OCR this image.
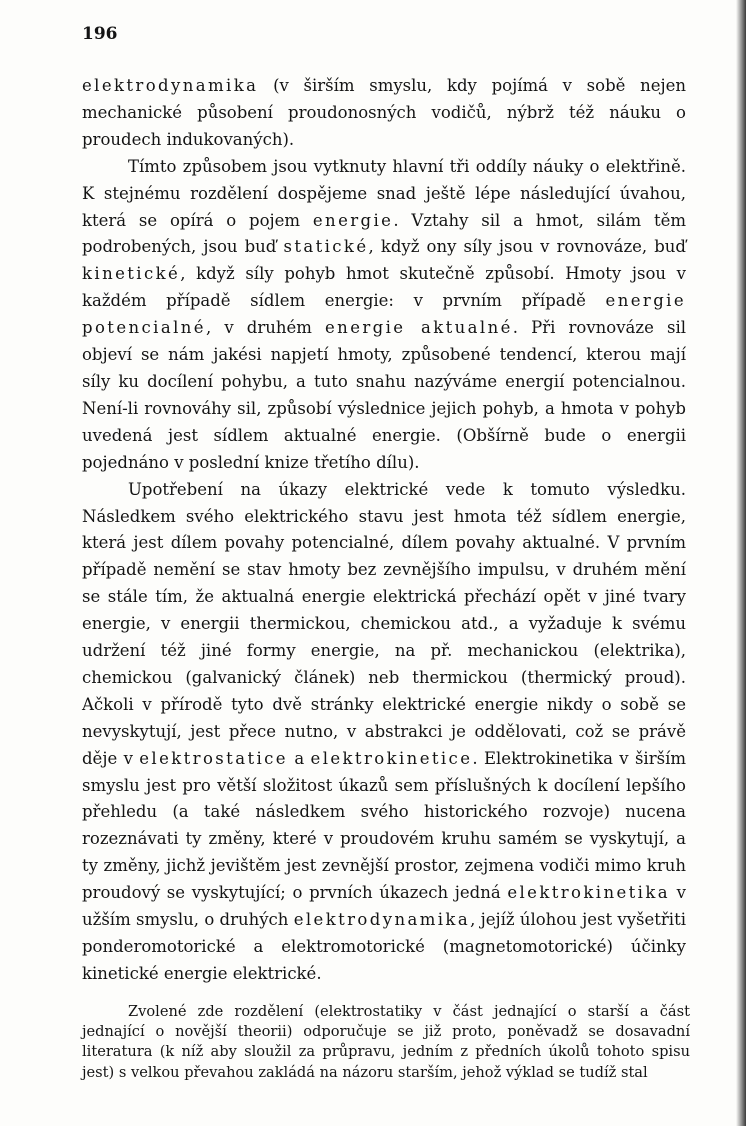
196

elektrodynamika (v širším smyslu, kdy pojímá v sobě nejen mechanické působení proudonosných vodičů, nýbrž též náuku o proudech indukovaných).

Tímto způsobem jsou vytknuty hlavní tři oddíly náuky o elektřině. K stejnému rozdělení dospějeme snad ještě lépe následující úvahou, která se opírá o pojem energie. Vztahy sil a hmot, silám těm podrobených, jsou buď statické, když ony síly jsou v rovnováze, buď kinetické, když síly pohyb hmot skutečně způsobí. Hmoty jsou v každém případě sídlem energie: v prvním případě energie potencialné, v druhém energie aktualné. Při rovnováze sil objeví se nám jakési napjetí hmoty, způsobené tendencí, kterou mají síly ku docílení pohybu, a tuto snahu nazýváme energií potencialnou. Není-li rovnováhy sil, způsobí výslednice jejich pohyb, a hmota v pohyb uvedená jest sídlem aktualné energie. (Obšírně bude o energii pojednáno v poslední knize třetího dílu).

Upotřebení na úkazy elektrické vede k tomuto výsledku. Následkem svého elektrického stavu jest hmota též sídlem energie, která jest dílem povahy potencialné, dílem povahy aktualné. V prvním případě nemění se stav hmoty bez zevnějšího impulsu, v druhém mění se stále tím, že aktualná energie elektrická přechází opět v jiné tvary energie, v energii thermickou, chemickou atd., a vyžaduje k svému udržení též jiné formy energie, na př. mechanickou (elektrika), chemickou (galvanický článek) neb thermickou (thermický proud). Ačkoli v přírodě tyto dvě stránky elektrické energie nikdy o sobě se nevyskytují, jest přece nutno, v abstrakci je oddělovati, což se právě děje v elektrostatice a elektrokinetice. Elektrokinetika v širším smyslu jest pro větší složitost úkazů sem příslušných k docílení lepšího přehledu (a také následkem svého historického rozvoje) nucena rozeznávati ty změny, které v proudovém kruhu samém se vyskytují, a ty změny, jichž jevištěm jest zevnější prostor, zejmena vodiči mimo kruh proudový se vyskytující; o prvních úkazech jedná elektrokinetika v užším smyslu, o druhých elektrodynamika, jejíž úlohou jest vyšetřiti ponderomotorické a elektromotorické (magnetomotorické) účinky kinetické energie elektrické.

Zvolené zde rozdělení (elektrostatiky v část jednající o starší a část jednající o novější theorii) odporučuje se již proto, poněvadž se dosavadní literatura (k níž aby sloužil za průpravu, jedním z předních úkolů tohoto spisu jest) s velkou převahou zakládá na názoru starším, jehož výklad se tudíž stal
